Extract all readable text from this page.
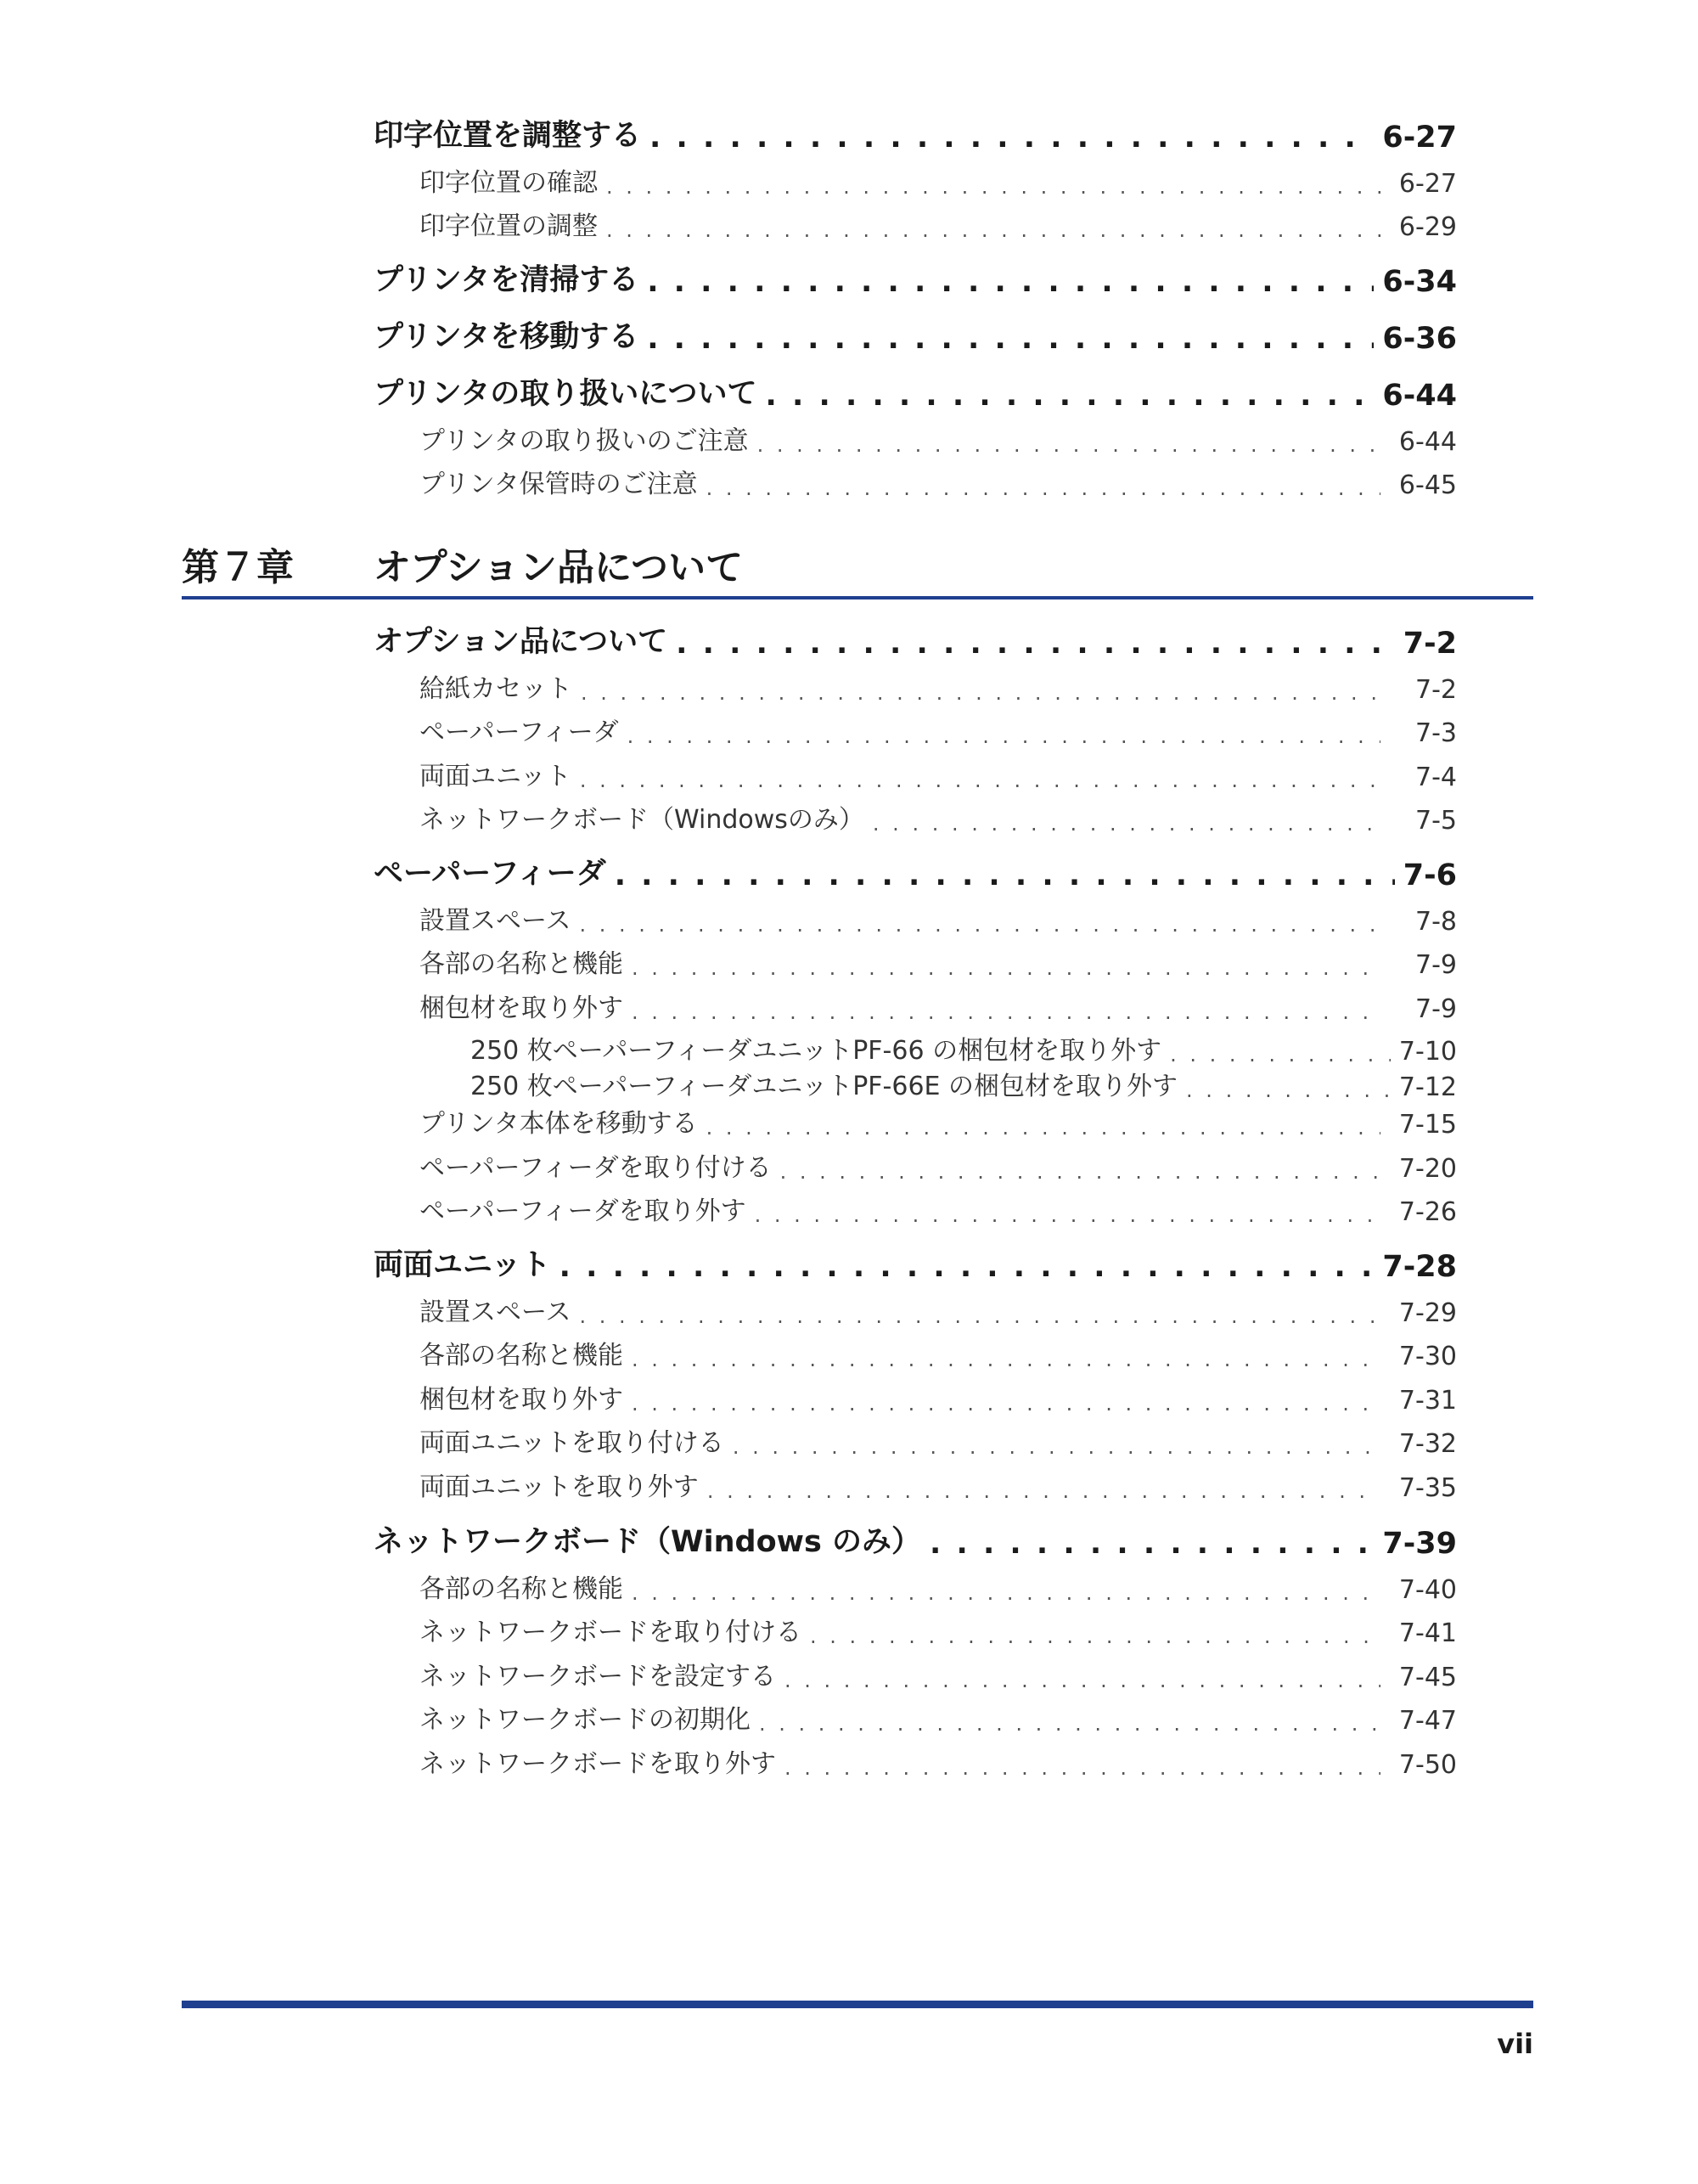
印字位置を調整する . . .	6-27
印字位置の確認 . . .	6-27
印字位置の調整 . . .	6-29
プリンタを清掃する . . .	6-34
プリンタを移動する . . .	6-36
プリンタの取り扱いについて . . .	6-44
プリンタの取り扱いのご注意 . . .	6-44
プリンタ保管時のご注意 . . .	6-45
第７章 オプション品について
オプション品について . . .	7-2
給紙カセット . . .	7-2
ペーパーフィーダ . . .	7-3
両面ユニット . . .	7-4
ネットワークボード（Windowsのみ） . . .	7-5
ペーパーフィーダ . . .	7-6
設置スペース . . .	7-8
各部の名称と機能 . . .	7-9
梱包材を取り外す . . .	7-9
250 枚ペーパーフィーダユニットPF-66 の梱包材を取り外す . . .	7-10
250 枚ペーパーフィーダユニットPF-66E の梱包材を取り外す . . .	7-12
プリンタ本体を移動する . . .	7-15
ペーパーフィーダを取り付ける . . .	7-20
ペーパーフィーダを取り外す . . .	7-26
両面ユニット . . .	7-28
設置スペース . . .	7-29
各部の名称と機能 . . .	7-30
梱包材を取り外す . . .	7-31
両面ユニットを取り付ける . . .	7-32
両面ユニットを取り外す . . .	7-35
ネットワークボード（Windows のみ） . . .	7-39
各部の名称と機能 . . .	7-40
ネットワークボードを取り付ける . . .	7-41
ネットワークボードを設定する . . .	7-45
ネットワークボードの初期化 . . .	7-47
ネットワークボードを取り外す . . .	7-50
vii
